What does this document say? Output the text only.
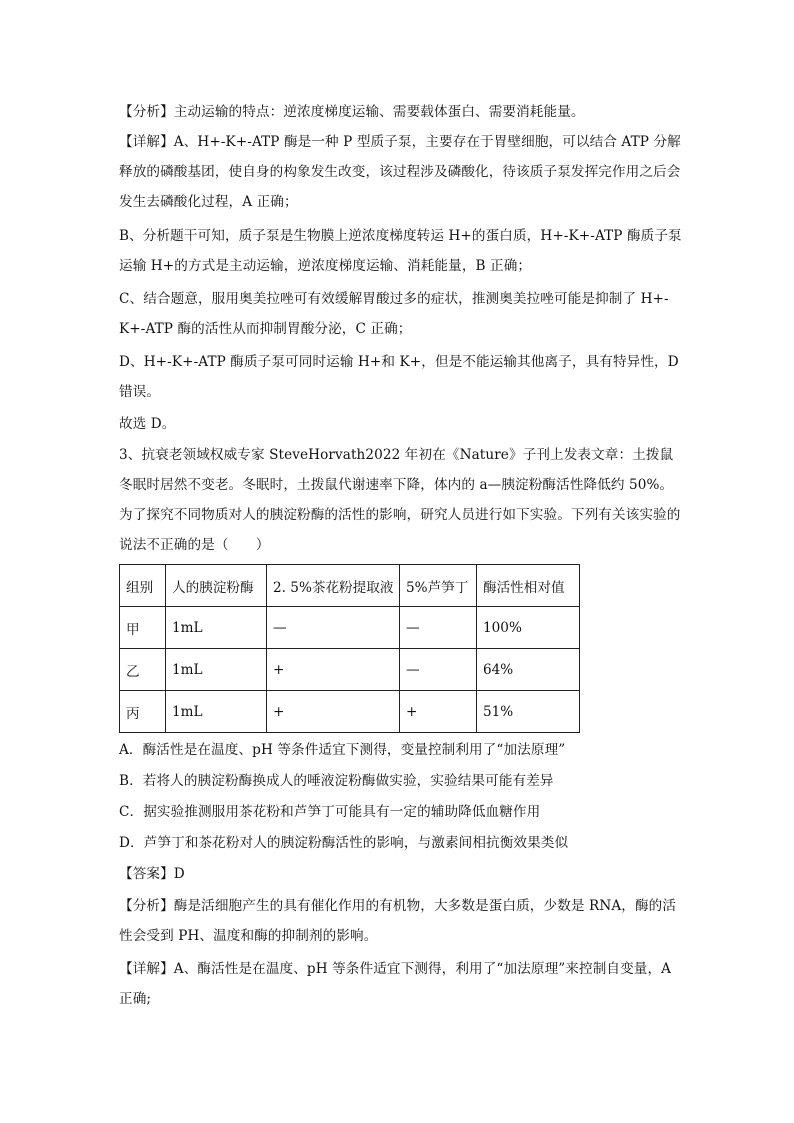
【分析】主动运输的特点：逆浓度梯度运输、需要载体蛋白、需要消耗能量。

【详解】A、H+-K+-ATP 酶是一种 P 型质子泵，主要存在于胃壁细胞，可以结合 ATP 分解释放的磷酸基团，使自身的构象发生改变，该过程涉及磷酸化，待该质子泵发挥完作用之后会发生去磷酸化过程，A 正确；

B、分析题干可知，质子泵是生物膜上逆浓度梯度转运 H+的蛋白质，H+-K+-ATP 酶质子泵运输 H+的方式是主动运输，逆浓度梯度运输、消耗能量，B 正确；

C、结合题意，服用奥美拉唑可有效缓解胃酸过多的症状，推测奥美拉唑可能是抑制了 H+-K+-ATP 酶的活性从而抑制胃酸分泌，C 正确；

D、H+-K+-ATP 酶质子泵可同时运输 H+和 K+，但是不能运输其他离子，具有特异性，D 错误。

故选 D。

3、抗衰老领域权威专家 SteveHorvath2022 年初在《Nature》子刊上发表文章：土拨鼠冬眠时居然不变老。冬眠时，土拨鼠代谢速率下降，体内的 a—胰淀粉酶活性降低约 50%。为了探究不同物质对人的胰淀粉酶的活性的影响，研究人员进行如下实验。下列有关该实验的说法不正确的是（　　）

组别	人的胰淀粉酶	2. 5%茶花粉提取液	5%芦笋丁	酶活性相对值
甲	1mL	—	—	100%
乙	1mL	+	—	64%
丙	1mL	+	+	51%

A．酶活性是在温度、pH 等条件适宜下测得，变量控制利用了“加法原理”

B．若将人的胰淀粉酶换成人的唾液淀粉酶做实验，实验结果可能有差异

C．据实验推测服用茶花粉和芦笋丁可能具有一定的辅助降低血糖作用

D．芦笋丁和茶花粉对人的胰淀粉酶活性的影响，与激素间相抗衡效果类似

【答案】D

【分析】酶是活细胞产生的具有催化作用的有机物，大多数是蛋白质，少数是 RNA，酶的活性会受到 PH、温度和酶的抑制剂的影响。

【详解】A、酶活性是在温度、pH 等条件适宜下测得，利用了“加法原理”来控制自变量，A 正确;
